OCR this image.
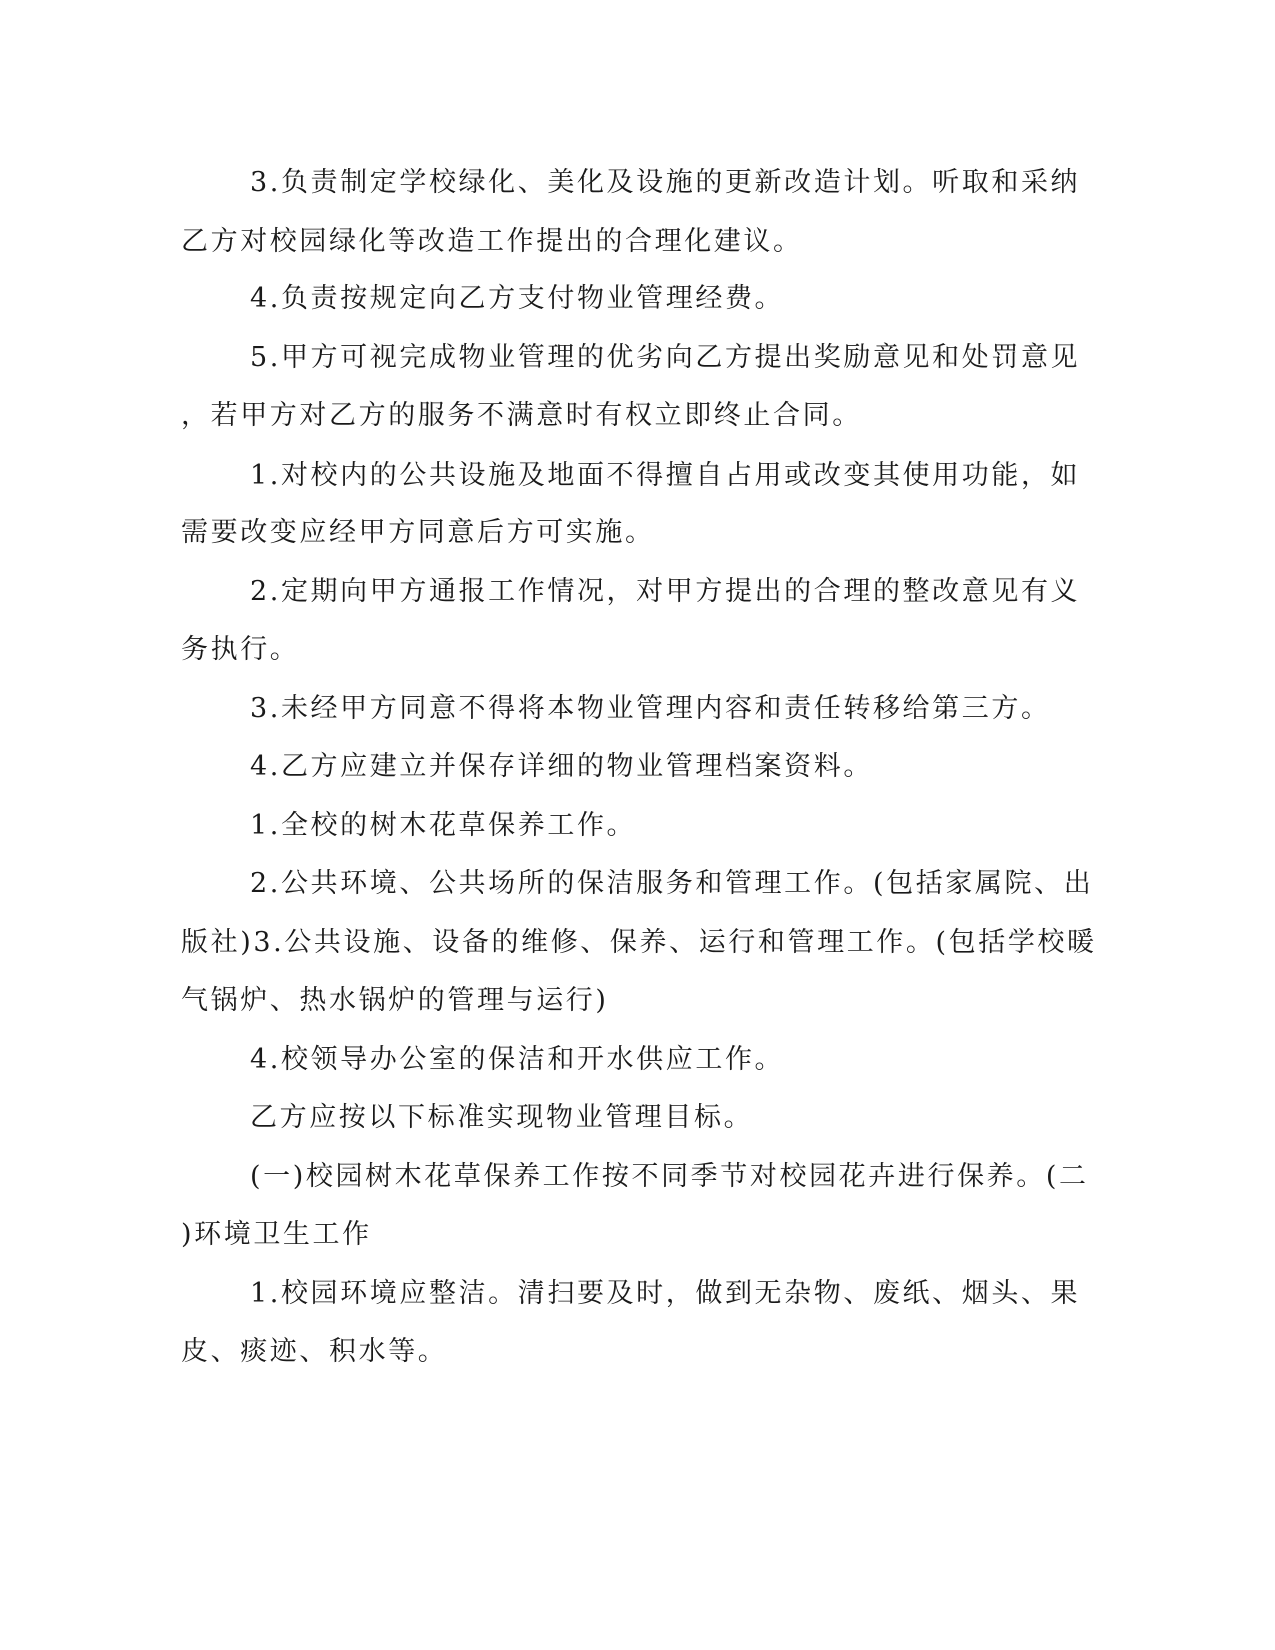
3.负责制定学校绿化、美化及设施的更新改造计划。听取和采纳
乙方对校园绿化等改造工作提出的合理化建议。
4.负责按规定向乙方支付物业管理经费。
5.甲方可视完成物业管理的优劣向乙方提出奖励意见和处罚意见
，若甲方对乙方的服务不满意时有权立即终止合同。
1.对校内的公共设施及地面不得擅自占用或改变其使用功能，如
需要改变应经甲方同意后方可实施。
2.定期向甲方通报工作情况，对甲方提出的合理的整改意见有义
务执行。
3.未经甲方同意不得将本物业管理内容和责任转移给第三方。
4.乙方应建立并保存详细的物业管理档案资料。
1.全校的树木花草保养工作。
2.公共环境、公共场所的保洁服务和管理工作。(包括家属院、出
版社)3.公共设施、设备的维修、保养、运行和管理工作。(包括学校暖
气锅炉、热水锅炉的管理与运行)
4.校领导办公室的保洁和开水供应工作。
乙方应按以下标准实现物业管理目标。
(一)校园树木花草保养工作按不同季节对校园花卉进行保养。(二
)环境卫生工作
1.校园环境应整洁。清扫要及时，做到无杂物、废纸、烟头、果
皮、痰迹、积水等。
